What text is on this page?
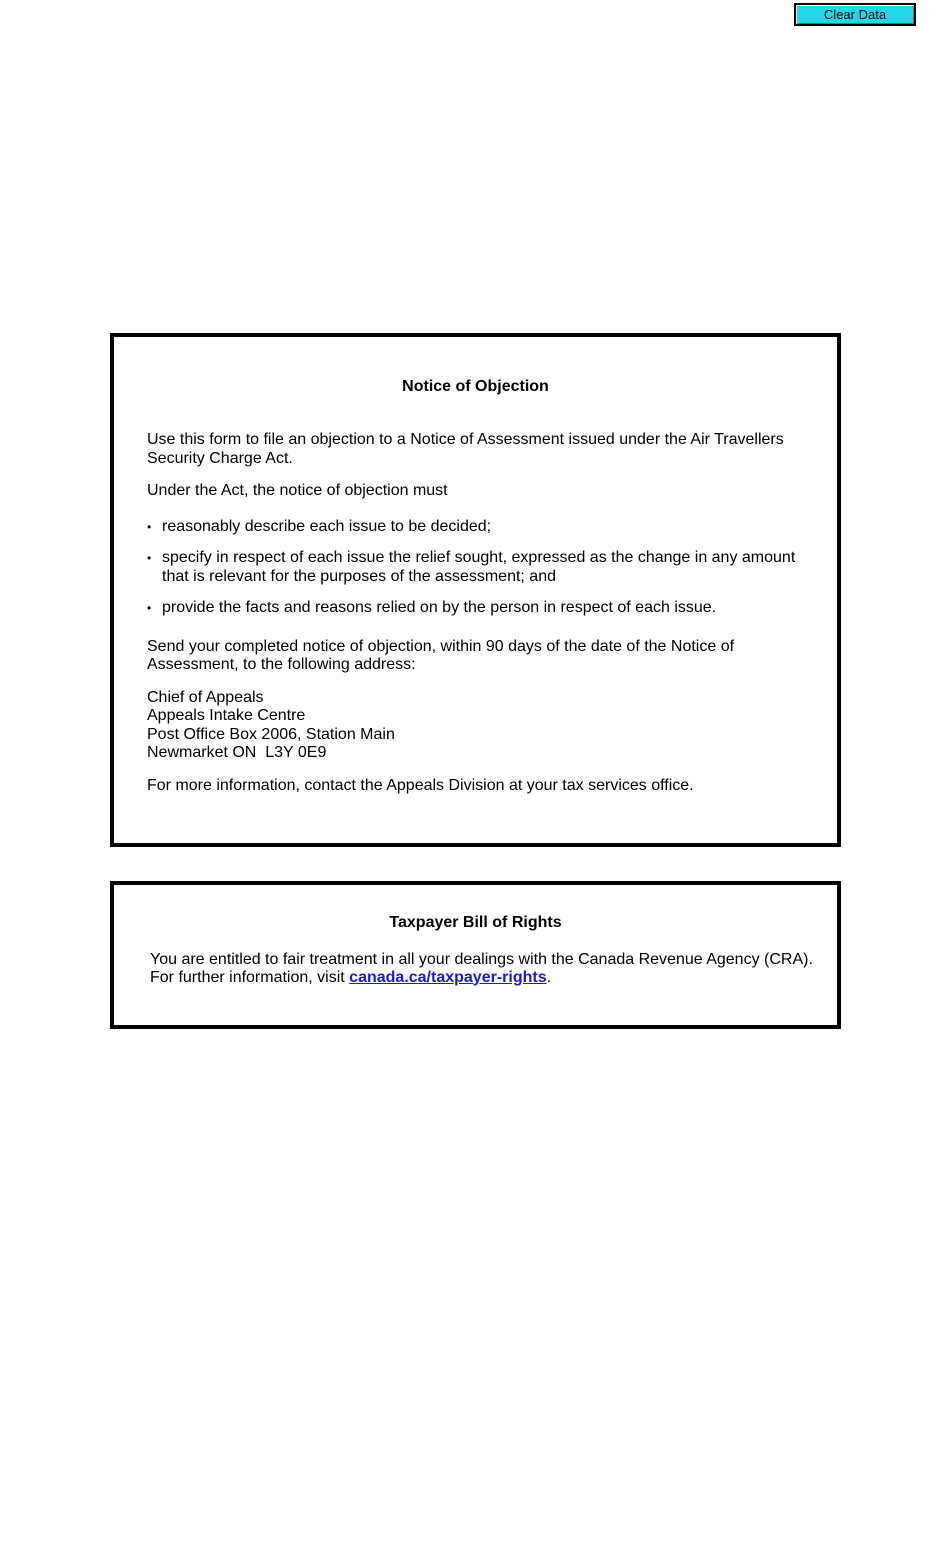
Clear Data
Notice of Objection

Use this form to file an objection to a Notice of Assessment issued under the Air Travellers
Security Charge Act.

Under the Act, the notice of objection must

• reasonably describe each issue to be decided;
• specify in respect of each issue the relief sought, expressed as the change in any amount
that is relevant for the purposes of the assessment; and
• provide the facts and reasons relied on by the person in respect of each issue.

Send your completed notice of objection, within 90 days of the date of the Notice of
Assessment, to the following address:

Chief of Appeals
Appeals Intake Centre
Post Office Box 2006, Station Main
Newmarket ON  L3Y 0E9

For more information, contact the Appeals Division at your tax services office.

Taxpayer Bill of Rights
You are entitled to fair treatment in all your dealings with the Canada Revenue Agency (CRA).
For further information, visit canada.ca/taxpayer-rights.
